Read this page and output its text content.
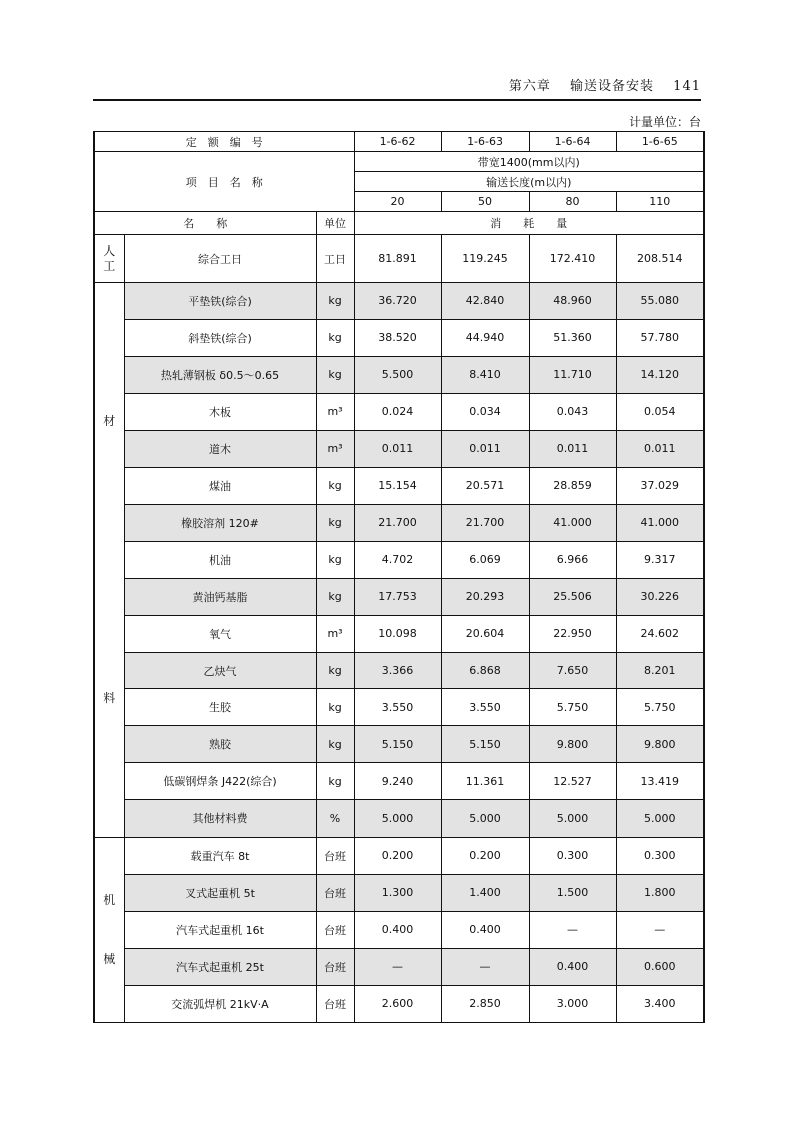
第六章 输送设备安装 141
计量单位：台
定　额　编　号			1-6-62	1-6-63	1-6-64	1-6-65
项　目　名　称			带宽1400(mm以内)			
			输送长度(m以内)			
			20	50	80	110
名　　称		单位	消　　耗　　量			
人
工	综合工日	工日	81.891	119.245	172.410	208.514

材
料	平垫铁(综合)	kg	36.720	42.840	48.960	55.080
	斜垫铁(综合)	kg	38.520	44.940	51.360	57.780
	热轧薄钢板 δ0.5～0.65	kg	5.500	8.410	11.710	14.120
	木板	m³	0.024	0.034	0.043	0.054
	道木	m³	0.011	0.011	0.011	0.011
	煤油	kg	15.154	20.571	28.859	37.029
	橡胶溶剂 120#	kg	21.700	21.700	41.000	41.000
	机油	kg	4.702	6.069	6.966	9.317
	黄油钙基脂	kg	17.753	20.293	25.506	30.226
	氧气	m³	10.098	20.604	22.950	24.602
	乙炔气	kg	3.366	6.868	7.650	8.201
	生胶	kg	3.550	3.550	5.750	5.750
	熟胶	kg	5.150	5.150	9.800	9.800
	低碳钢焊条 J422(综合)	kg	9.240	11.361	12.527	13.419
	其他材料费	%	5.000	5.000	5.000	5.000

机
械	载重汽车 8t	台班	0.200	0.200	0.300	0.300
	叉式起重机 5t	台班	1.300	1.400	1.500	1.800
	汽车式起重机 16t	台班	0.400	0.400	—	—
	汽车式起重机 25t	台班	—	—	0.400	0.600
	交流弧焊机 21kV·A	台班	2.600	2.850	3.000	3.400
